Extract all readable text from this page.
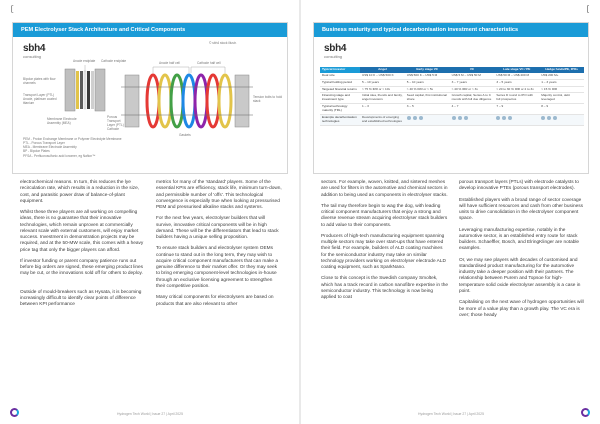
[
PEM Electrolyser Stack Architecture and Critical Components
sbh4
consulting
© sbh4 stock illustr.
Anode endplate	Cathode endplate
Bipolar plates with flow channels
Transport Layer (PTL) Anode, platinum coated titanium
Membrane Electrode Assembly (MEA)
Porous Transport Layer (PTL) Cathode
Anode half cell	Cathode half cell
Tension bolts to hold stack
Gaskets
PEM - Proton Exchange Membrane or Polymer Electrolyte Membrane
PTL - Porous Transport Layer
MEA - Membrane Electrode Assembly
BP - Bipolar Plates
PFSA - Perfluorosulfonic acid ionomer, eg Nafion™

electrochemical reasons. In turn, this reduces the lye recirculation rate, which results in a reduction in the size, cost, and parasitic power draw of balance-of-plant equipment.

Whilst these three players are all working on compelling ideas, there is no guarantee that their innovative technologies, which remain unproven at commercially relevant scale with external customers, will enjoy market success. Investment in demonstration projects may be required, and at the 50-MW scale, this comes with a heavy price tag that only the bigger players can afford.

If investor funding or parent company patience runs out before big orders are signed, these emerging product lines may be cut, or the innovations sold off for others to deploy.

Outside of mould-breakers such as Hysata, it is becoming increasingly difficult to identify clear points of difference between KPI performance

metrics for many of the 'standard' players. Some of the essential KPIs are efficiency, stack life, minimum turn-down, and permissible number of 'offs'. This technological convergence is especially true when looking at pressurised PEM and pressurised alkaline stacks and systems.

For the next few years, electrolyser builders that will survive, innovative critical components will be in high demand. These will be the differentiators that lead to stack builders having a unique selling proposition.

To ensure stack builders and electrolyser system OEMs continue to stand out in the long term, they may wish to acquire critical component manufacturers that can make a genuine difference to their market offer. Or they may seek to bring emerging component-level technologies in-house through an exclusive licensing agreement to strengthen their competitive position.

Many critical components for electrolysers are based on products that are also relevant to other

Hydrogen Tech World | Issue 27 | April 2025
[
Business maturity and typical decarbonisation investment characteristics
sbh4
consulting
Typical investor	Angel	Early stage VC	VC	Late stage VC / PE	Hedge funds/PE, IPOs
Deal size	US$ 10 K – US$ 500 K	US$ 500 K – US$ 5 M	US$ 5 M – US$ 50 M	US$ 50 M – US$ 200 M	US$ 200 M+
Typical holding period	5 – 10 years	5 – 10 years	3 – 7 years	3 – 5 years	1 – 3 years
Targeted financial returns	> 75 % IRR or > 10x	> 40 % IRR or > 5x	> 40 % IRR or > 3x	> 20 to 30 % IRR or 2 to 3x	> 15 % IRR
Financing stage and investment type	Initial idea, friends and family, angel investors	Seed capital, first institutional share	Growth capital, Series A to C rounds with full due diligence	Series D round to IPO with full prospectus	Majority control, debt leveraged
Typical technology maturity (TRL)	1 – 3	3 – 5	4 – 7	7 – 9	8 – 9
Example decarbonisation technologies	Developments of emerging and established technologies				

sectors. For example, woven, knitted, and sintered meshes are used for filters in the automotive and chemical sectors in addition to being used as components in electrolyser stacks.

The tail may therefore begin to wag the dog, with leading critical component manufacturers that enjoy a strong and diverse revenue stream acquiring electrolyser stack builders to add value to their components.

Producers of high-tech manufacturing equipment spanning multiple sectors may take over start-ups that have entered their field. For example, builders of ALD coating machines for the semiconductor industry may take on similar technology providers working on electrolyser electrode ALD coating equipment, such as SparkNano.

Close to this concept is the Swedish company Smoltek, which has a track record in carbon nanofibre expertise in the semiconductor industry. This technology is now being applied to coat

porous transport layers (PTLs) with electrode catalysts to develop innovative PTEs (porous transport electrodes).

Established players with a broad range of sector coverage will have sufficient resources and cash from other business units to drive consolidation in the electrolyser component space.

Leveraging manufacturing expertise, notably in the automotive sector, is an established entry route for stack builders. Schaeffler, Bosch, and ElringKlinger are notable examples.

Or, we may see players with decades of customised and standardised product manufacturing for the automotive industry take a deeper position with their partners. The relationship between Purem and Topsoe for high-temperature solid oxide electrolyser assembly is a case in point.

Capitalising on the next wave of hydrogen opportunities will be more of a value play than a growth play. The VC era is over; those heady

Hydrogen Tech World | Issue 27 | April 2025
